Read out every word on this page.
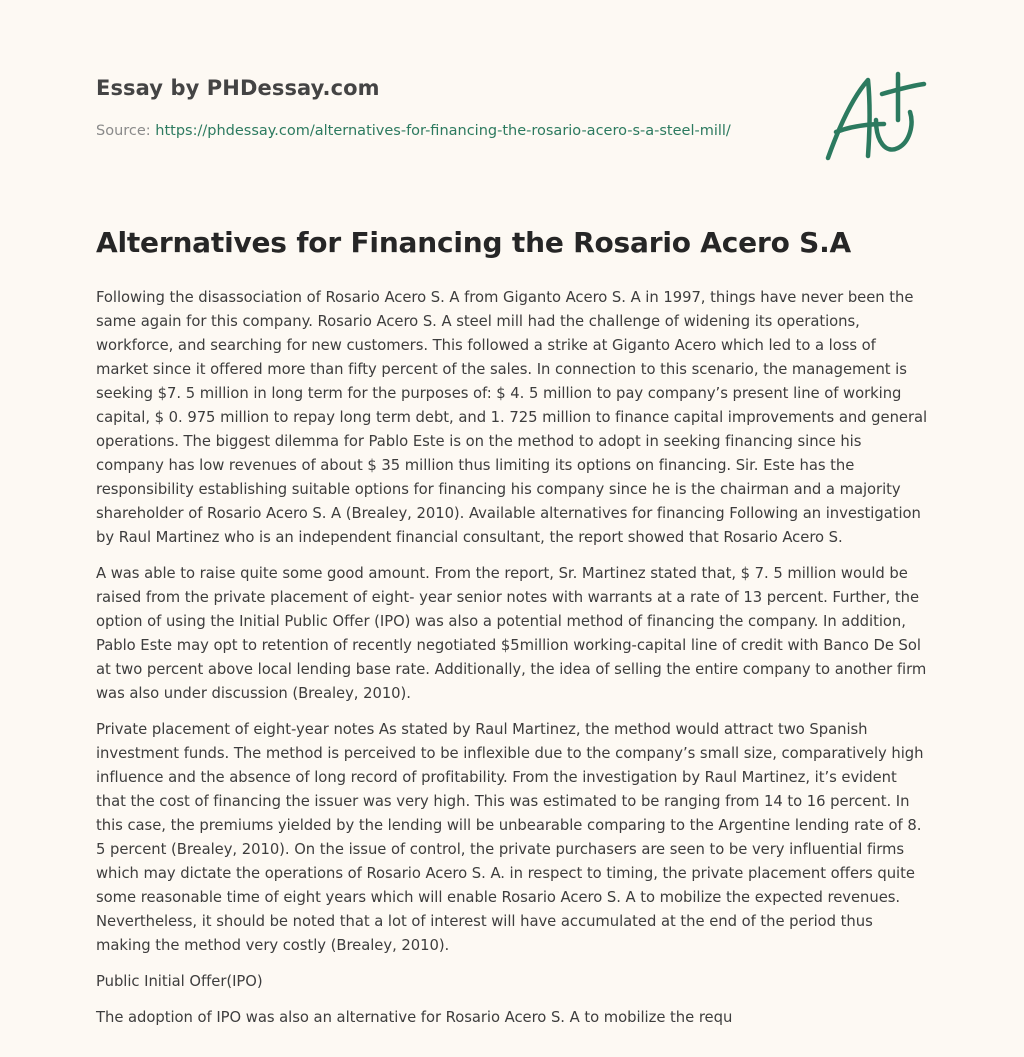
Essay by PHDessay.com
Source: https://phdessay.com/alternatives-for-financing-the-rosario-acero-s-a-steel-mill/
Alternatives for Financing the Rosario Acero S.A

Following the disassociation of Rosario Acero S. A from Giganto Acero S. A in 1997, things have never been the same again for this company. Rosario Acero S. A steel mill had the challenge of widening its operations, workforce, and searching for new customers. This followed a strike at Giganto Acero which led to a loss of market since it offered more than fifty percent of the sales. In connection to this scenario, the management is seeking $7. 5 million in long term for the purposes of: $ 4. 5 million to pay company’s present line of working capital, $ 0. 975 million to repay long term debt, and 1. 725 million to finance capital improvements and general operations. The biggest dilemma for Pablo Este is on the method to adopt in seeking financing since his company has low revenues of about $ 35 million thus limiting its options on financing. Sir. Este has the responsibility establishing suitable options for financing his company since he is the chairman and a majority shareholder of Rosario Acero S. A (Brealey, 2010). Available alternatives for financing Following an investigation by Raul Martinez who is an independent financial consultant, the report showed that Rosario Acero S.

A was able to raise quite some good amount. From the report, Sr. Martinez stated that, $ 7. 5 million would be raised from the private placement of eight- year senior notes with warrants at a rate of 13 percent. Further, the option of using the Initial Public Offer (IPO) was also a potential method of financing the company. In addition, Pablo Este may opt to retention of recently negotiated $5million working-capital line of credit with Banco De Sol at two percent above local lending base rate. Additionally, the idea of selling the entire company to another firm was also under discussion (Brealey, 2010).

Private placement of eight-year notes As stated by Raul Martinez, the method would attract two Spanish investment funds. The method is perceived to be inflexible due to the company’s small size, comparatively high influence and the absence of long record of profitability. From the investigation by Raul Martinez, it’s evident that the cost of financing the issuer was very high. This was estimated to be ranging from 14 to 16 percent. In this case, the premiums yielded by the lending will be unbearable comparing to the Argentine lending rate of 8. 5 percent (Brealey, 2010). On the issue of control, the private purchasers are seen to be very influential firms which may dictate the operations of Rosario Acero S. A. in respect to timing, the private placement offers quite some reasonable time of eight years which will enable Rosario Acero S. A to mobilize the expected revenues. Nevertheless, it should be noted that a lot of interest will have accumulated at the end of the period thus making the method very costly (Brealey, 2010).

Public Initial Offer(IPO)

The adoption of IPO was also an alternative for Rosario Acero S. A to mobilize the requ
